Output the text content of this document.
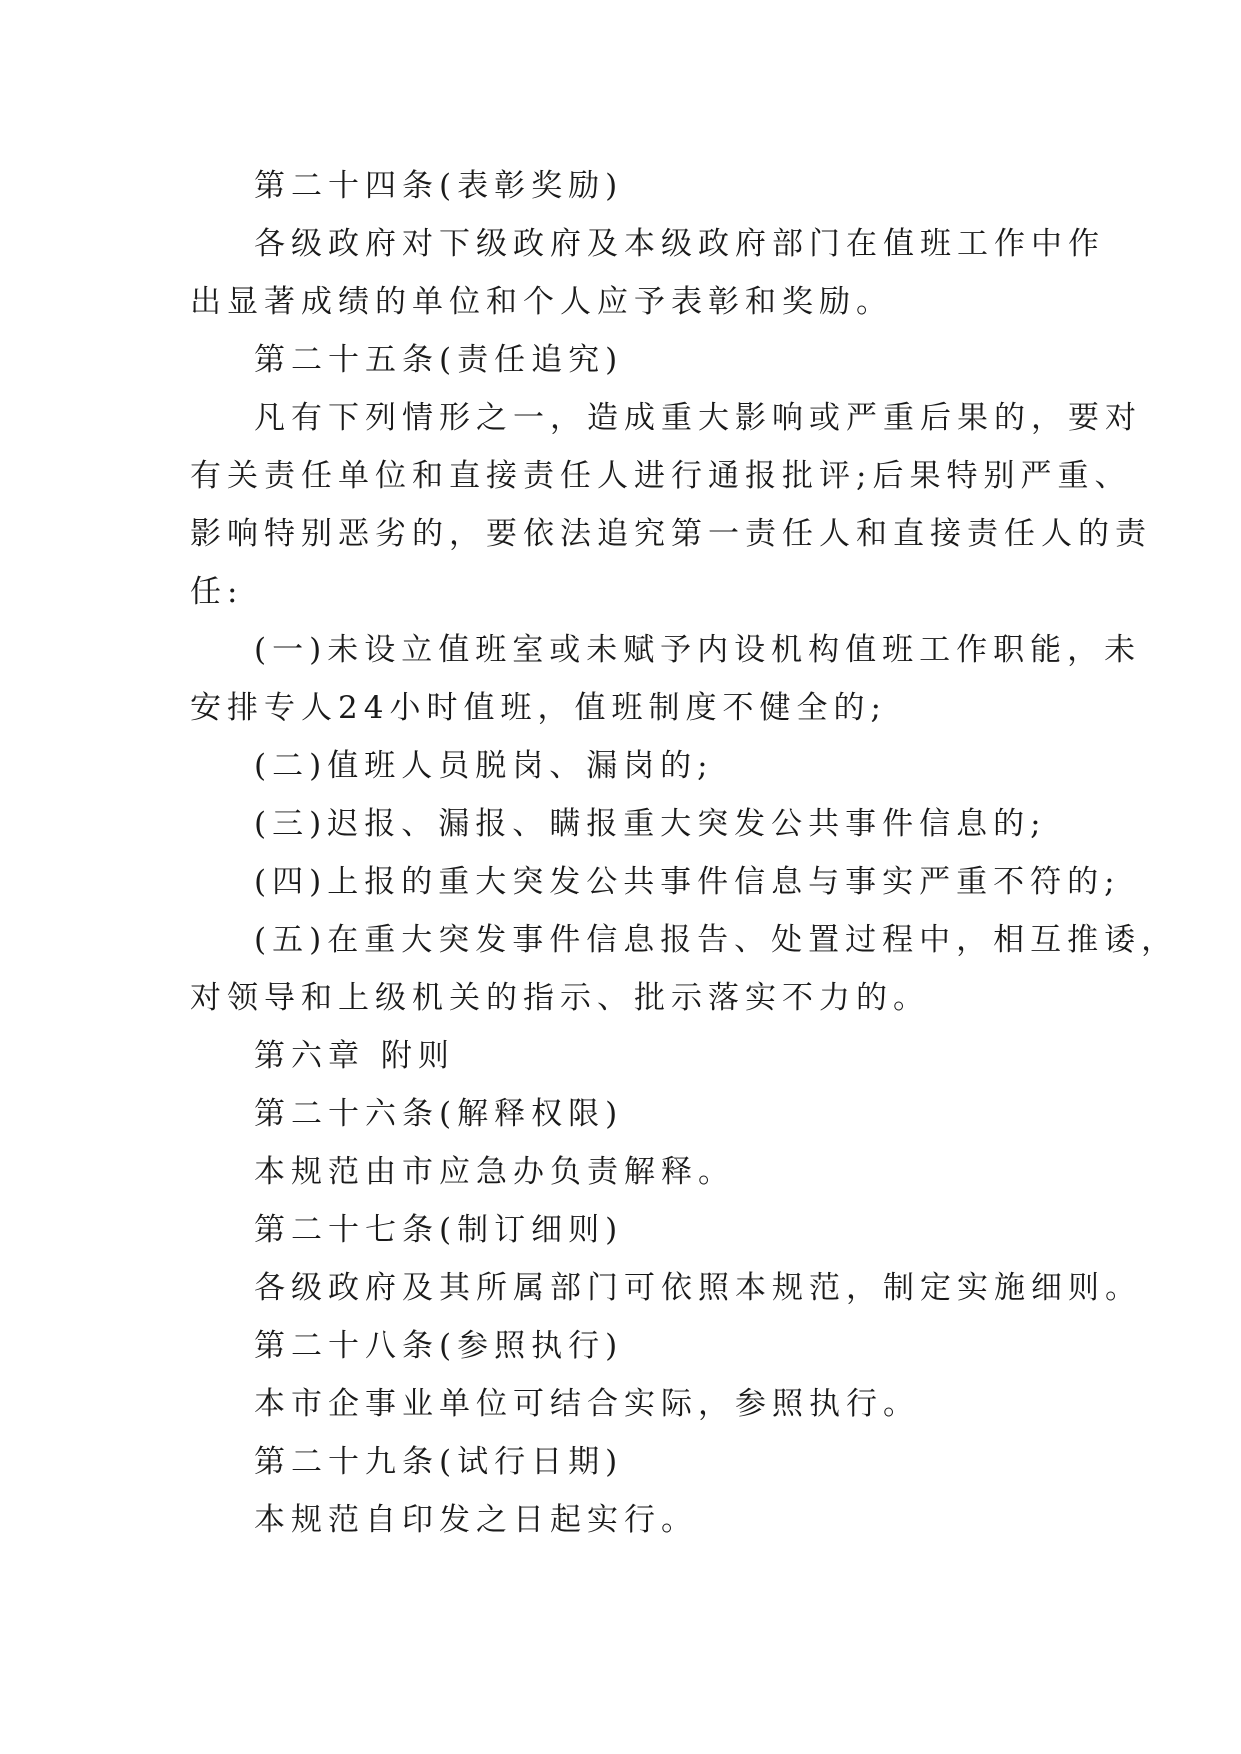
第二十四条(表彰奖励)
各级政府对下级政府及本级政府部门在值班工作中作
出显著成绩的单位和个人应予表彰和奖励。
第二十五条(责任追究)
凡有下列情形之一，造成重大影响或严重后果的，要对
有关责任单位和直接责任人进行通报批评;后果特别严重、
影响特别恶劣的，要依法追究第一责任人和直接责任人的责
任:
(一)未设立值班室或未赋予内设机构值班工作职能，未
安排专人24小时值班，值班制度不健全的;
(二)值班人员脱岗、漏岗的;
(三)迟报、漏报、瞒报重大突发公共事件信息的;
(四)上报的重大突发公共事件信息与事实严重不符的;
(五)在重大突发事件信息报告、处置过程中，相互推诿，
对领导和上级机关的指示、批示落实不力的。
第六章 附则
第二十六条(解释权限)
本规范由市应急办负责解释。
第二十七条(制订细则)
各级政府及其所属部门可依照本规范，制定实施细则。
第二十八条(参照执行)
本市企事业单位可结合实际，参照执行。
第二十九条(试行日期)
本规范自印发之日起实行。
